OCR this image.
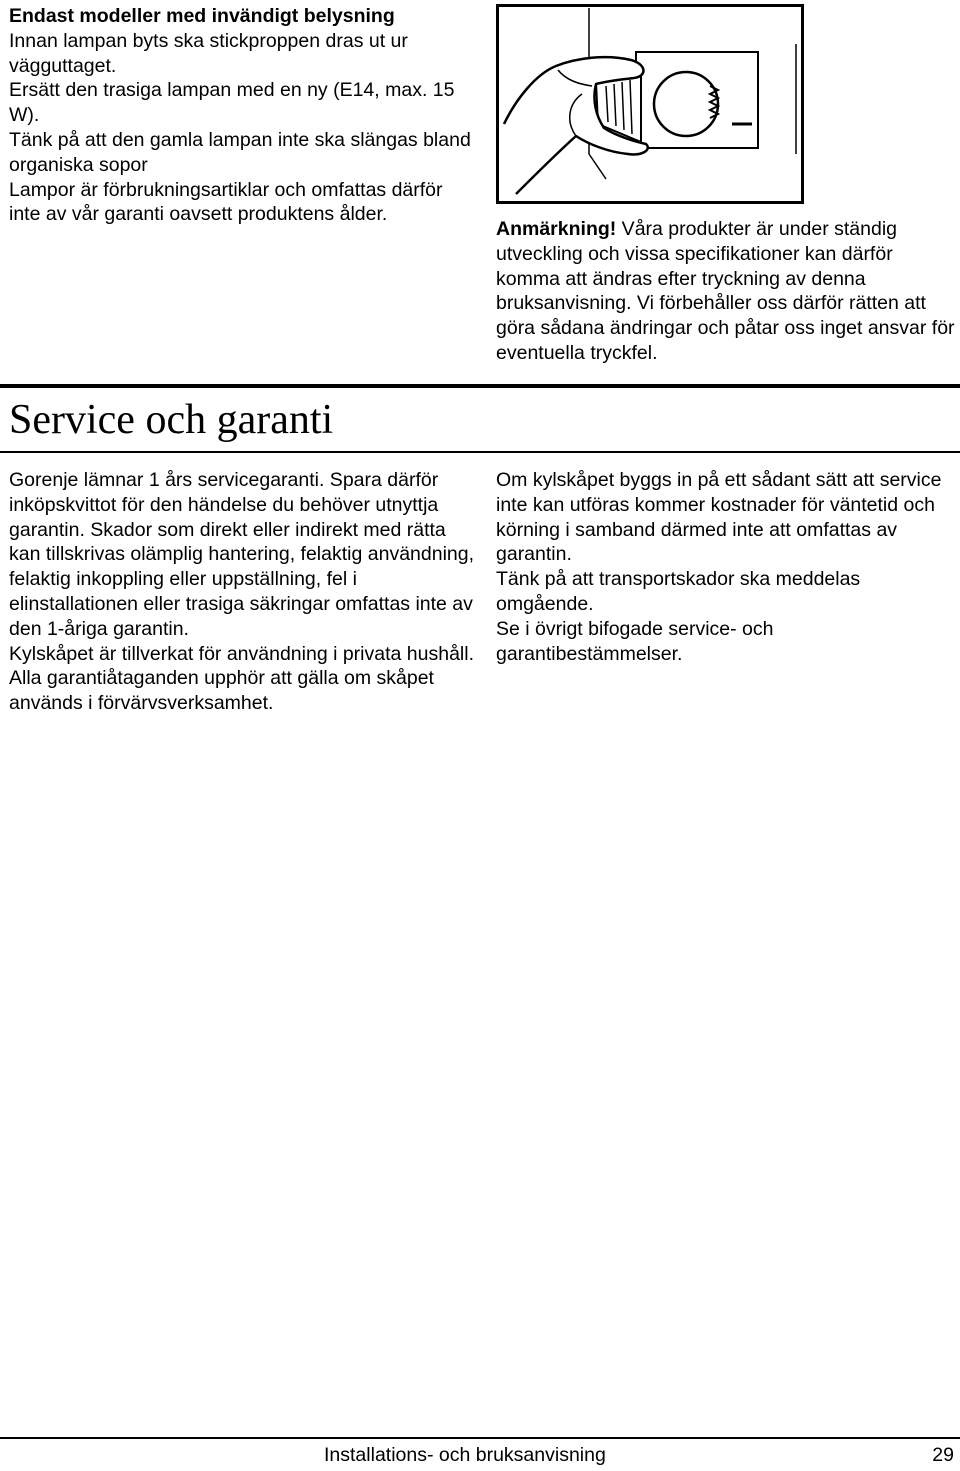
Endast modeller med invändigt belysning

Innan lampan byts ska stickproppen dras ut ur vägguttaget.

Ersätt den trasiga lampan med en ny (E14, max. 15 W).

Tänk på att den gamla lampan inte ska slängas bland organiska sopor

Lampor är förbrukningsartiklar och omfattas därför inte av vår garanti oavsett produktens ålder.

Anmärkning! Våra produkter är under ständig utveckling och vissa specifikationer kan därför komma att ändras efter tryckning av denna bruksanvisning. Vi förbehåller oss därför rätten att göra sådana ändringar och påtar oss inget ansvar för eventuella tryckfel.

Service och garanti

Gorenje lämnar 1 års servicegaranti. Spara därför inköpskvittot för den händelse du behöver utnyttja garantin. Skador som direkt eller indirekt med rätta kan tillskrivas olämplig hantering, felaktig användning, felaktig inkoppling eller uppställning, fel i elinstallationen eller trasiga säkringar omfattas inte av den 1-åriga garantin.

Kylskåpet är tillverkat för användning i privata hushåll. Alla garantiåtaganden upphör att gälla om skåpet används i förvärvsverksamhet.

Om kylskåpet byggs in på ett sådant sätt att service inte kan utföras kommer kostnader för väntetid och körning i samband därmed inte att omfattas av garantin.

Tänk på att transportskador ska meddelas omgående.

Se i övrigt bifogade service- och garantibestämmelser.

Installations- och bruksanvisning	29
